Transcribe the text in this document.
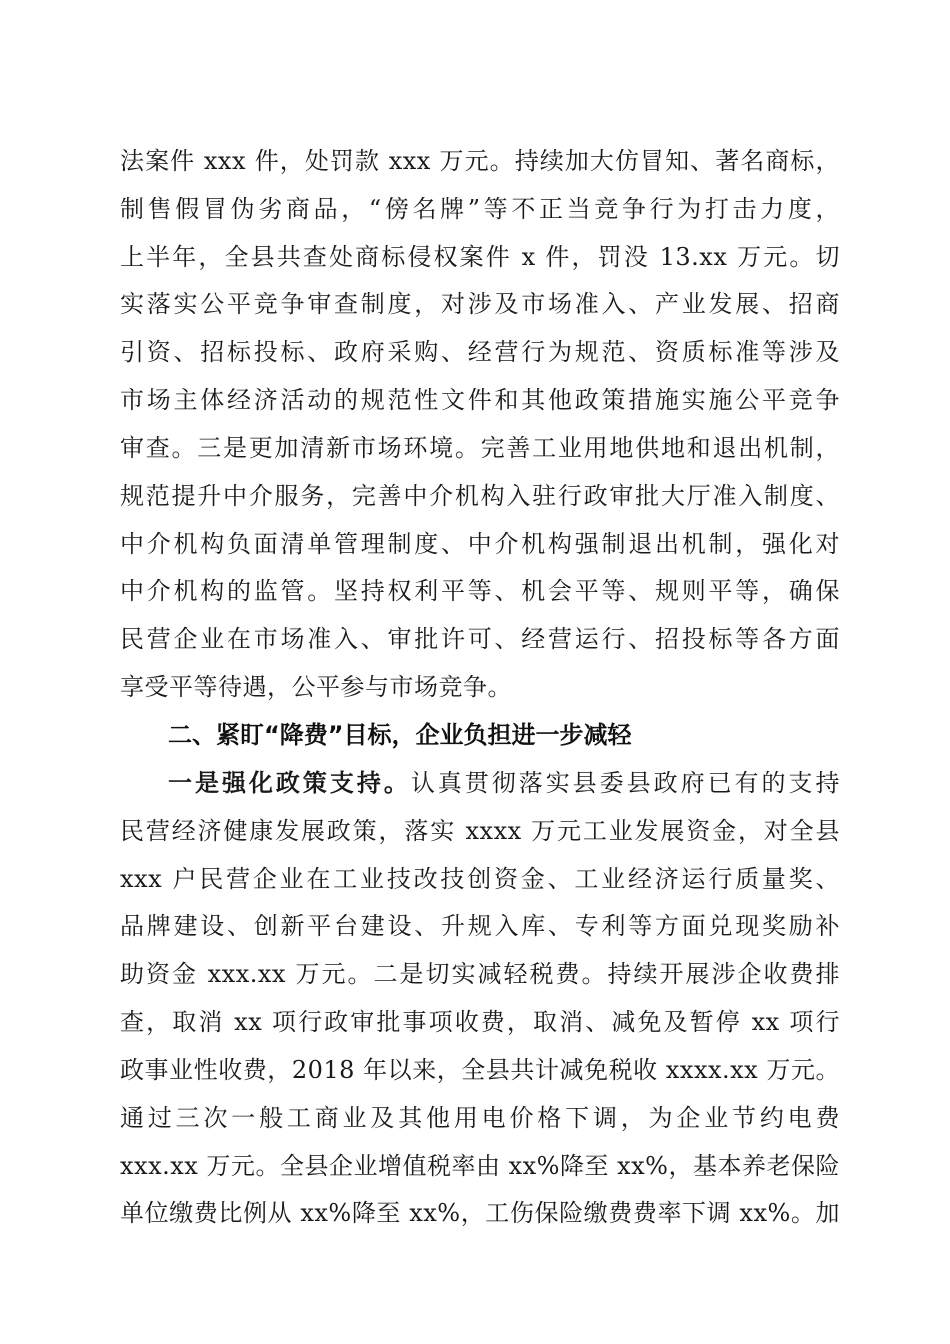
法案件 xxx 件，处罚款 xxx 万元。持续加大仿冒知、著名商标，
制售假冒伪劣商品，“傍名牌”等不正当竞争行为打击力度，
上半年，全县共查处商标侵权案件 x 件，罚没 13.xx 万元。切
实落实公平竞争审查制度，对涉及市场准入、产业发展、招商
引资、招标投标、政府采购、经营行为规范、资质标准等涉及
市场主体经济活动的规范性文件和其他政策措施实施公平竞争
审查。三是更加清新市场环境。完善工业用地供地和退出机制，
规范提升中介服务，完善中介机构入驻行政审批大厅准入制度、
中介机构负面清单管理制度、中介机构强制退出机制，强化对
中介机构的监管。坚持权利平等、机会平等、规则平等，确保
民营企业在市场准入、审批许可、经营运行、招投标等各方面
享受平等待遇，公平参与市场竞争。
二、紧盯“降费”目标，企业负担进一步减轻
一是强化政策支持。认真贯彻落实县委县政府已有的支持
民营经济健康发展政策，落实 xxxx 万元工业发展资金，对全县
xxx 户民营企业在工业技改技创资金、工业经济运行质量奖、
品牌建设、创新平台建设、升规入库、专利等方面兑现奖励补
助资金 xxx.xx 万元。二是切实减轻税费。持续开展涉企收费排
查，取消 xx 项行政审批事项收费，取消、减免及暂停 xx 项行
政事业性收费，2018 年以来，全县共计减免税收 xxxx.xx 万元。
通过三次一般工商业及其他用电价格下调，为企业节约电费
xxx.xx 万元。全县企业增值税率由 xx%降至 xx%，基本养老保险
单位缴费比例从 xx%降至 xx%，工伤保险缴费费率下调 xx%。加
